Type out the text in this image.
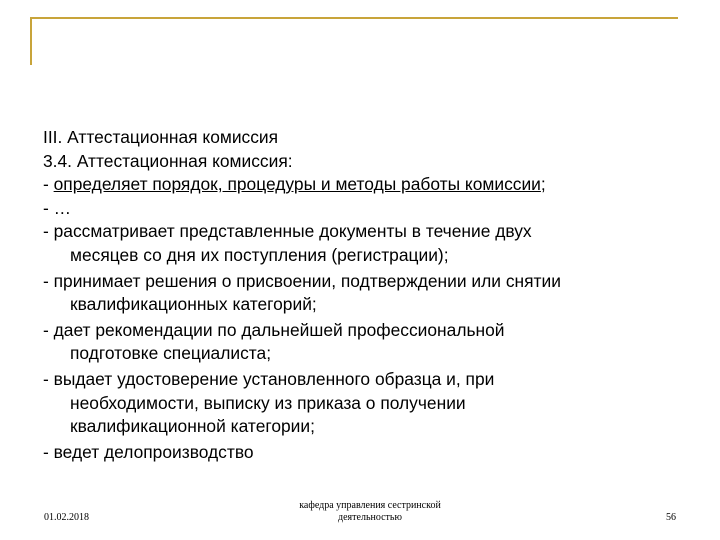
III. Аттестационная комиссия
3.4. Аттестационная комиссия:
- определяет порядок, процедуры и методы работы комиссии;
- …
- рассматривает представленные документы в течение двух
месяцев со дня их поступления (регистрации);
- принимает решения о присвоении, подтверждении или снятии
квалификационных категорий;
- дает рекомендации по дальнейшей профессиональной
подготовке специалиста;
- выдает удостоверение установленного образца и, при
необходимости, выписку из приказа о получении
квалификационной категории;
- ведет делопроизводство
01.02.2018
кафедра управления сестринской
деятельностью	56
